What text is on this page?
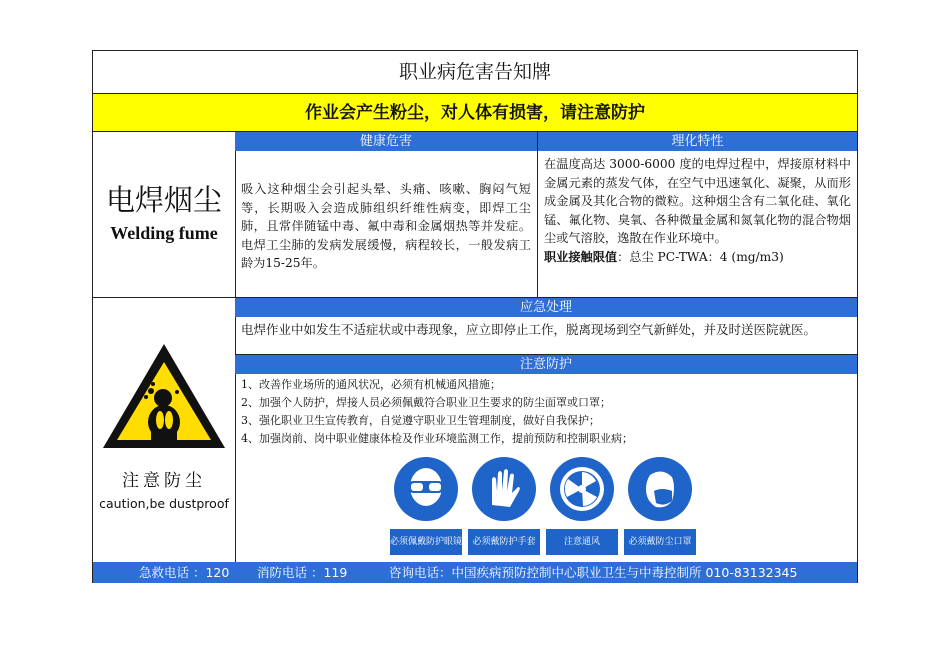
职业病危害告知牌
作业会产生粉尘，对人体有损害，请注意防护
电焊烟尘
Welding fume
健康危害
吸入这种烟尘会引起头晕、头痛、咳嗽、胸闷气短等，长期吸入会造成肺组织纤维性病变，即焊工尘肺，且常伴随锰中毒、氟中毒和金属烟热等并发症。电焊工尘肺的发病发展缓慢，病程较长，一般发病工龄为15-25年。
理化特性
在温度高达 3000-6000 度的电焊过程中，焊接原材料中金属元素的蒸发气体，在空气中迅速氧化、凝聚，从而形成金属及其化合物的微粒。这种烟尘含有二氧化硅、氧化锰、氟化物、臭氧、各种微量金属和氮氧化物的混合物烟尘或气溶胶，逸散在作业环境中。
职业接触限值：总尘 PC-TWA：4 (mg/m3)
注意防尘
caution,be dustproof
应急处理
电焊作业中如发生不适症状或中毒现象，应立即停止工作，脱离现场到空气新鲜处，并及时送医院就医。
注意防护
1、改善作业场所的通风状况，必须有机械通风措施；
2、加强个人防护，焊接人员必须佩戴符合职业卫生要求的防尘面罩或口罩；
3、强化职业卫生宣传教育，自觉遵守职业卫生管理制度，做好自我保护；
4、加强岗前、岗中职业健康体检及作业环境监测工作，提前预防和控制职业病；
必须佩戴防护眼镜	必须戴防护手套	注意通风	必须戴防尘口罩
急救电话 ：120 消防电话 ：119	咨询电话：中国疾病预防控制中心职业卫生与中毒控制所 010-83132345
